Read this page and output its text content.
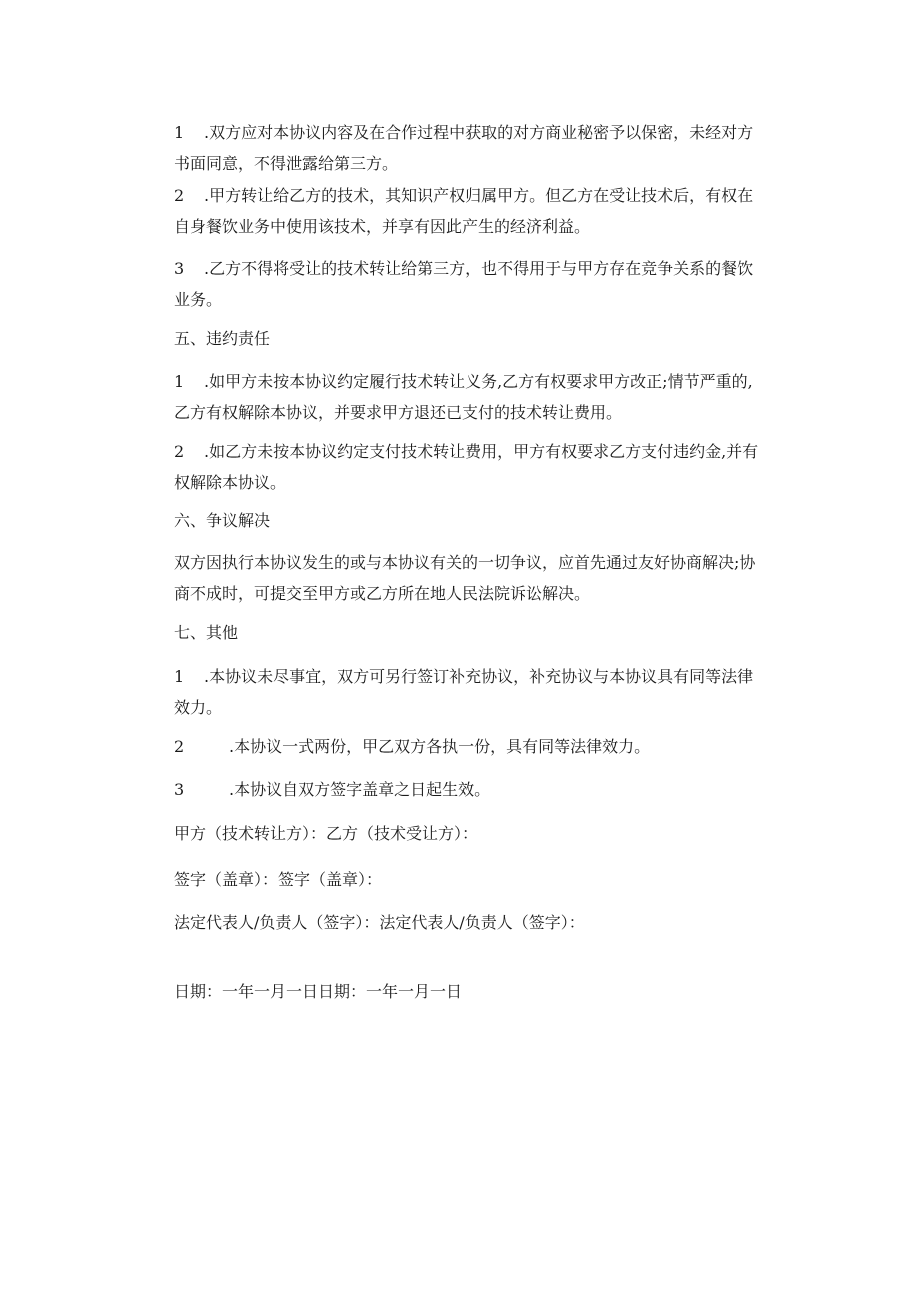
1 .双方应对本协议内容及在合作过程中获取的对方商业秘密予以保密，未经对方
书面同意，不得泄露给第三方。
2 .甲方转让给乙方的技术，其知识产权归属甲方。但乙方在受让技术后，有权在
自身餐饮业务中使用该技术，并享有因此产生的经济利益。
3 .乙方不得将受让的技术转让给第三方，也不得用于与甲方存在竞争关系的餐饮
业务。

五、违约责任

1 .如甲方未按本协议约定履行技术转让义务,乙方有权要求甲方改正;情节严重的,
乙方有权解除本协议，并要求甲方退还已支付的技术转让费用。
2 .如乙方未按本协议约定支付技术转让费用，甲方有权要求乙方支付违约金,并有
权解除本协议。

六、争议解决

双方因执行本协议发生的或与本协议有关的一切争议，应首先通过友好协商解决;协
商不成时，可提交至甲方或乙方所在地人民法院诉讼解决。

七、其他

1 .本协议未尽事宜，双方可另行签订补充协议，补充协议与本协议具有同等法律
效力。

2	.本协议一式两份，甲乙双方各执一份，具有同等法律效力。

3	.本协议自双方签字盖章之日起生效。

甲方（技术转让方）：乙方（技术受让方）：

签字（盖章）：签字（盖章）：

法定代表人/负责人（签字）：法定代表人/负责人（签字）：

日期：一年一月一日日期：一年一月一日
